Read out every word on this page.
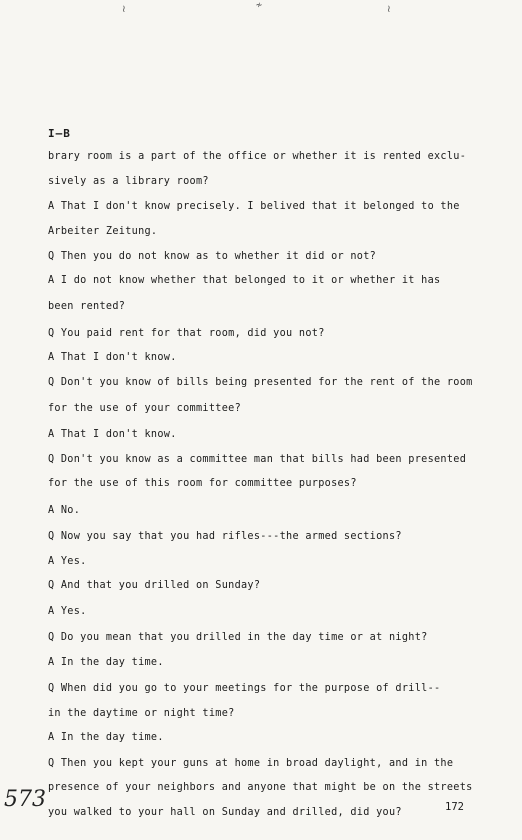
≀	≁	≀

I—B

brary room is a part of the office or whether it is rented exclu-

sively as a library room?

A That I don't know precisely. I belived that it belonged to the

Arbeiter Zeitung.

Q Then you do not know as to whether it did or not?

A I do not know whether that belonged to it or whether it has

been rented?

Q You paid rent for that room, did you not?

A That I don't know.

Q Don't you know of bills being presented for the rent of the room

for the use of your committee?

A That I don't know.

Q Don't you know as a committee man that bills had been presented

for the use of this room for committee purposes?

A No.

Q Now you say that you had rifles---the armed sections?

A Yes.

Q And that you drilled on Sunday?

A Yes.

Q Do you mean that you drilled in the day time or at night?

A In the day time.

Q When did you go to your meetings for the purpose of drill--

in the daytime or night time?

A In the day time.

Q Then you kept your guns at home in broad daylight, and in the

presence of your neighbors and anyone that might be on the streets

you walked to your hall on Sunday and drilled, did you?

573	172
